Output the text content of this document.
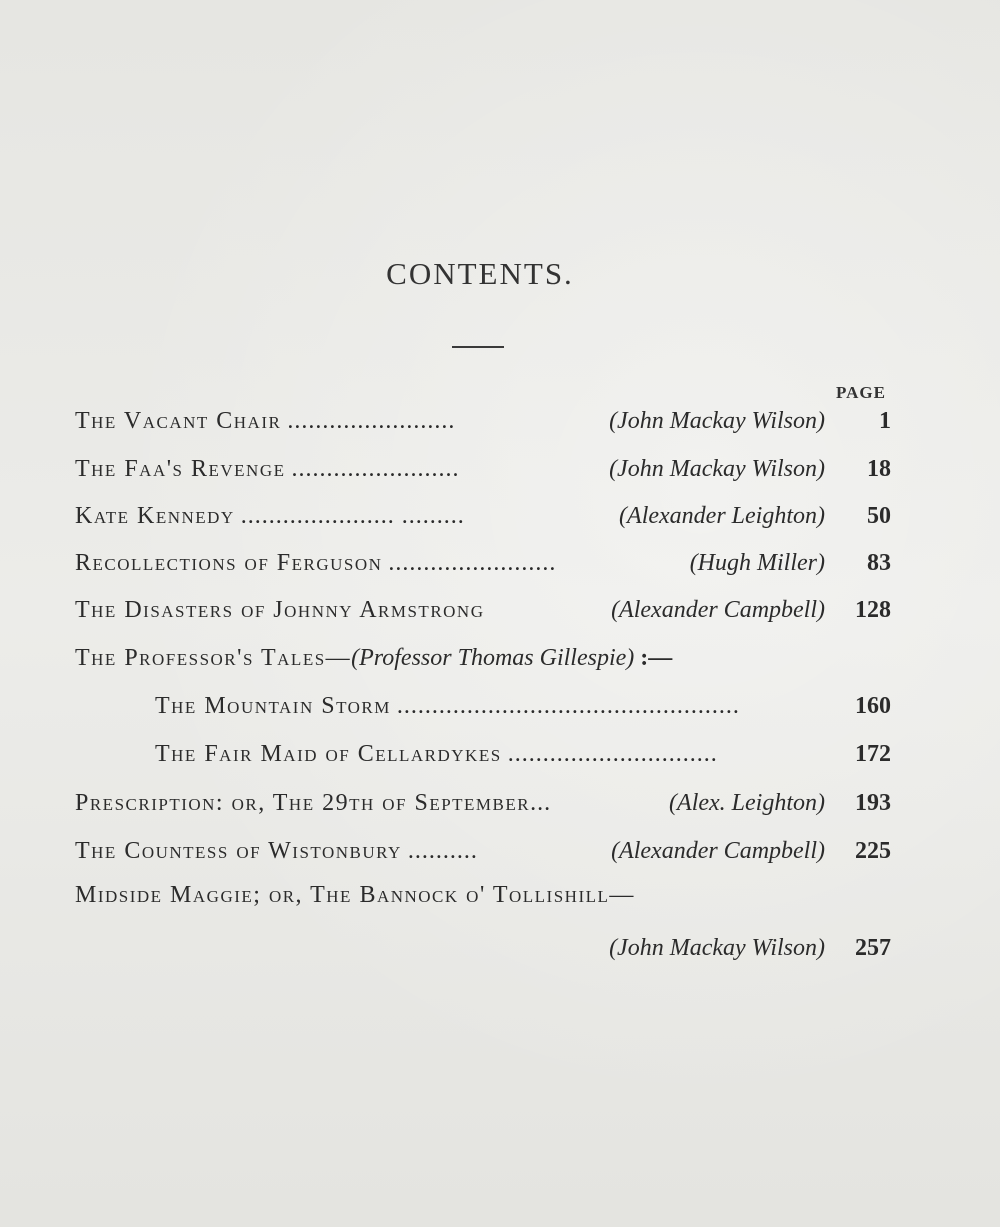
CONTENTS.
PAGE
The Vacant Chair ........................	(John Mackay Wilson)	1
The Faa's Revenge ........................	(John Mackay Wilson)	18
Kate Kennedy ...................... .........	(Alexander Leighton)	50
Recollections of Ferguson ........................	(Hugh Miller)	83
The Disasters of Johnny Armstrong	(Alexander Campbell)	128
The Professor's Tales—(Professor Thomas Gillespie) :—
The Mountain Storm .................................................	160
The Fair Maid of Cellardykes ..............................	172
Prescription: or, The 29th of September...	(Alex. Leighton)	193
The Countess of Wistonbury ..........	(Alexander Campbell)	225
Midside Maggie; or, The Bannock o' Tollishill—
(John Mackay Wilson)	257
